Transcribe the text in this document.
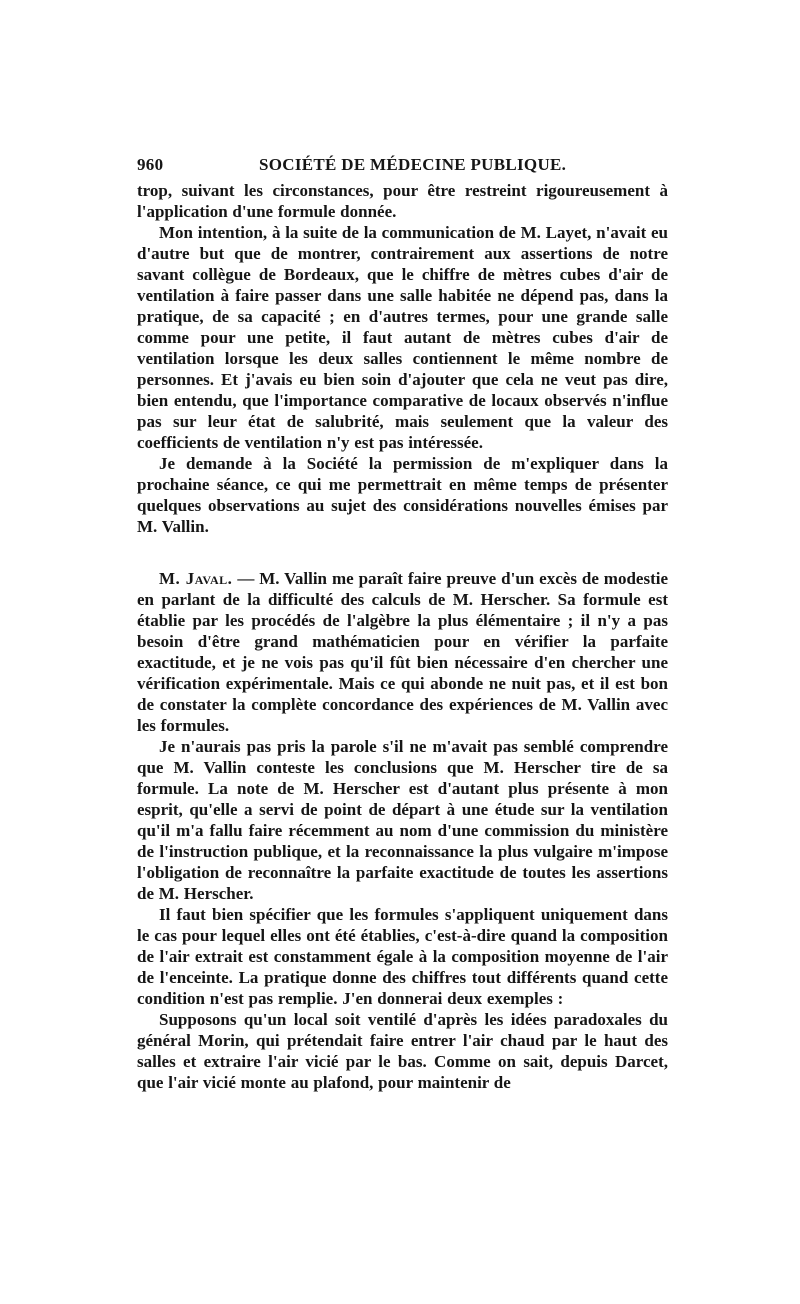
960	SOCIÉTÉ DE MÉDECINE PUBLIQUE.

trop, suivant les circonstances, pour être restreint rigoureusement à l'application d'une formule donnée.

Mon intention, à la suite de la communication de M. Layet, n'avait eu d'autre but que de montrer, contrairement aux assertions de notre savant collègue de Bordeaux, que le chiffre de mètres cubes d'air de ventilation à faire passer dans une salle habitée ne dépend pas, dans la pratique, de sa capacité ; en d'autres termes, pour une grande salle comme pour une petite, il faut autant de mètres cubes d'air de ventilation lorsque les deux salles contiennent le même nombre de personnes. Et j'avais eu bien soin d'ajouter que cela ne veut pas dire, bien entendu, que l'importance comparative de locaux observés n'influe pas sur leur état de salubrité, mais seulement que la valeur des coefficients de ventilation n'y est pas intéressée.

Je demande à la Société la permission de m'expliquer dans la prochaine séance, ce qui me permettrait en même temps de présenter quelques observations au sujet des considérations nouvelles émises par M. Vallin.

M. Javal. — M. Vallin me paraît faire preuve d'un excès de modestie en parlant de la difficulté des calculs de M. Herscher. Sa formule est établie par les procédés de l'algèbre la plus élémentaire ; il n'y a pas besoin d'être grand mathématicien pour en vérifier la parfaite exactitude, et je ne vois pas qu'il fût bien nécessaire d'en chercher une vérification expérimentale. Mais ce qui abonde ne nuit pas, et il est bon de constater la complète concordance des expériences de M. Vallin avec les formules.

Je n'aurais pas pris la parole s'il ne m'avait pas semblé comprendre que M. Vallin conteste les conclusions que M. Herscher tire de sa formule. La note de M. Herscher est d'autant plus présente à mon esprit, qu'elle a servi de point de départ à une étude sur la ventilation qu'il m'a fallu faire récemment au nom d'une commission du ministère de l'instruction publique, et la reconnaissance la plus vulgaire m'impose l'obligation de reconnaître la parfaite exactitude de toutes les assertions de M. Herscher.

Il faut bien spécifier que les formules s'appliquent uniquement dans le cas pour lequel elles ont été établies, c'est-à-dire quand la composition de l'air extrait est constamment égale à la composition moyenne de l'air de l'enceinte. La pratique donne des chiffres tout différents quand cette condition n'est pas remplie. J'en donnerai deux exemples :

Supposons qu'un local soit ventilé d'après les idées paradoxales du général Morin, qui prétendait faire entrer l'air chaud par le haut des salles et extraire l'air vicié par le bas. Comme on sait, depuis Darcet, que l'air vicié monte au plafond, pour maintenir de
